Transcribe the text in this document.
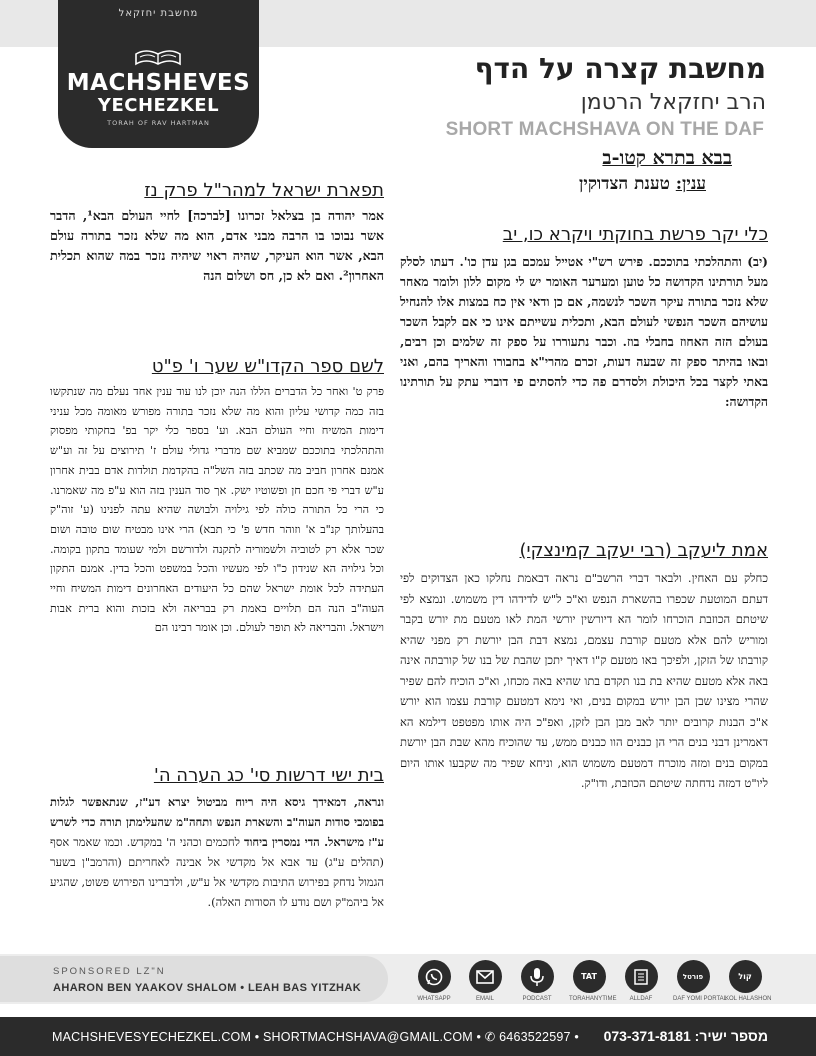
מחשבת יחזקאל
MACHSHEVES
YECHEZKEL
TORAH OF RAV HARTMAN
מחשבת קצרה על הדף
הרב יחזקאל הרטמן
SHORT MACHSHAVA ON THE DAF
בבא בתרא קטו-ב
ענין: טענת הצדוקין
כלי יקר פרשת בחוקתי ויקרא כו, יב

(יב) והתהלכתי בתוככם. פירש רש"י אטייל עמכם בגן עדן כו'. דעתו לסלק מעל תורתינו הקדושה כל טוען ומערער האומר יש לי מקום ללון ולומר מאחר שלא נזכר בתורה עיקר השכר לנשמה, אם כן ודאי אין כח במצות אלו להנחיל עושיהם השכר הנפשי לעולם הבא, ותכלית עשייתם אינו כי אם לקבל השכר בעולם הזה האחוז בחבלי בוז. וכבר נתעוררו על ספק זה שלמים וכן רבים, ובאו בהיתר ספק זה שבעה דעות, זכרם מהרי"א בחבורו והאריך בהם, ואני באתי לקצר בכל היכולת ולסדרם פה כדי להסתים פי דוברי עתק על תורתינו הקדושה:

אמת ליעקב (רבי יעקב קמינצקי)

כחלק עם האחין. ולבאר דברי הרשב"ם נראה דבאמת נחלקו כאן הצדוקים לפי דעתם המוטעת שכפרו בהשארת הנפש וא"כ ל"ש לדידהו דין משמוש. ונמצא לפי שיטתם הכוזבת הוכרחו לומר הא דיורשין יורשי המת לאו מטעם מת יורש בקבר ומוריש להם אלא מטעם קורבת עצמם, נמצא דבת הבן יורשת רק מפני שהיא קורבתו של הזקן, ולפיכך באו מטעם ק"ו דאיך יתכן שהבת של בנו של קורבתה אינה באה אלא מטעם שהיא בת בנו תקדם בתו שהיא באה מכחו, וא"כ הוכיח להם שפיר שהרי מצינו שבן הבן יורש במקום בנים, ואי נימא דמטעם קורבת עצמו הוא יורש א"כ הבנות קרובים יותר לאב מבן הבן לזקן, ואפ"כ היה אותו מפטפט דילמא הא דאמרינן דבני בנים הרי הן כבנים הוו כבנים ממש, עד שהוכיח מהא שבת הבן יורשת במקום בנים ומזה מוכרח דמטעם משמוש הוא, וניחא שפיר מה שקבעו אותו היום ליו"ט דמזה נדחתה שיטתם הכוזבת, ודו"ק.

תפארת ישראל למהר"ל פרק נז

אמר יהודה בן בצלאל זכרונו [לברכה] לחיי העולם הבא¹, הדבר אשר נבוכו בו הרבה מבני אדם, הוא מה שלא נזכר בתורה עולם הבא, אשר הוא העיקר, שהיה ראוי שיהיה נזכר במה שהוא תכלית האחרון². ואם לא כן, חס ושלום הנה

לשם ספר הקדו"ש שער ו' פ"ט

פרק ט' ואחר כל הדברים הללו הנה יוכן לנו עוד ענין אחד נעלם מה שנתקשו בזה כמה קדושי עליון והוא מה שלא נזכר בתורה מפורש מאומה מכל עניני דימות המשיח וחיי העולם הבא. וע' בספר כלי יקר בפ' בחקותי מפסוק והתהלכתי בתוככם שמביא שם מדברי גדולי עולם ז' תירוצים על זה וע"ש אמנם אחרון חביב מה שכתב בזה השל"ה בהקדמת תולדות אדם בבית אחרון ע"ש דברי פי חכם חן ופשוטיו ישק. אך סוד הענין בזה הוא ע"פ מה שאמרנו. כי הרי כל התורה כולה לפי גילויה ולבושה שהיא עתה לפנינו (ע' זוה"ק בהעלותך קנ"ב א' וזוהר חדש פ' כי תבא) הרי אינו מבטיח שום טובה ושום שכר אלא רק לטוביה ולשמוריה לתקנה ולדורשם ולמי שעומד בתקון בקומה. וכל גילויה הא שנידון כ"ו לפי מעשיו והכל במשפט והכל בדין. אמנם התקון העתידה לכל אומת ישראל שהם כל היעודים האחרונים דימות המשיח וחיי העוה"ב הנה הם תלויים באמת רק בבריאה ולא בזכות והוא ברית אבות וישראל. והבריאה לא תופר לעולם. וכן אומר רבינו הם

בית ישי דרשות סי' כג הערה ה'

ונראה, דמאידך גיסא היה ריוח מביטול יצרא דע"ז, שנתאפשר לגלות בפומבי סודות העוה"ב והשארת הנפש ותחה"מ שהעלימתן תורה כדי לשרש ע"ז מישראל. הדי נמסרין ביחוד לחכמים וכהני ה' במקדש. וכמו שאמר אסף (תהלים ע"ג) עד אבא אל מקדשי אל אבינה לאחריתם (והרמב"ן בשער הגמול נדחק בפירוש התיבות מקדשי אל ע"ש, ולדברינו הפירוש פשוט, שהגיע אל ביהמ"ק ושם נודע לו הסודות האלה).

SPONSORED LZ"N
AHARON BEN YAAKOV SHALOM • LEAH BAS YITZHAK
WHATSAPP	EMAIL	PODCAST
TAT
TORAHANYTIME	ALLDAF
פורטל
DAF YOMI PORTAL
קול
KOL HALASHON
MACHSHEVESYECHEZKEL.COM • SHORTMACHSHAVA@GMAIL.COM • ✆ 6463522597 • מספר ישיר: 073-371-8181
